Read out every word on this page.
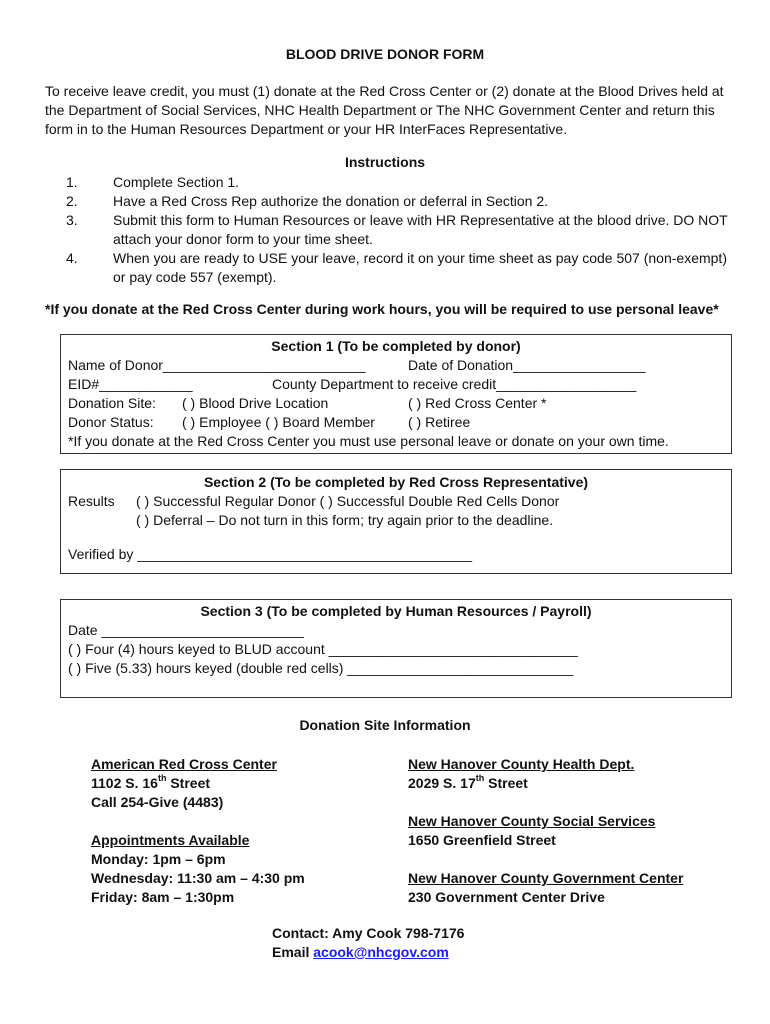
BLOOD DRIVE DONOR FORM
To receive leave credit, you must (1) donate at the Red Cross Center or (2) donate at the Blood Drives held at
the Department of Social Services, NHC Health Department or The NHC Government Center and return this
form in to the Human Resources Department or your HR InterFaces Representative.
Instructions
1.	Complete Section 1.
2.	Have a Red Cross Rep authorize the donation or deferral in Section 2.
3.	Submit this form to Human Resources or leave with HR Representative at the blood drive. DO NOT
attach your donor form to your time sheet.
4.	When you are ready to USE your leave, record it on your time sheet as pay code 507 (non-exempt)
or pay code 557 (exempt).
*If you donate at the Red Cross Center during work hours, you will be required to use personal leave*
Section 1 (To be completed by donor)
Name of Donor__________________________	Date of Donation_________________
EID#____________	County Department to receive credit__________________
Donation Site: ( ) Blood Drive Location	( ) Red Cross Center *
Donor Status: ( ) Employee ( ) Board Member ( ) Retiree
*If you donate at the Red Cross Center you must use personal leave or donate on your own time.
Section 2 (To be completed by Red Cross Representative)
Results ( ) Successful Regular Donor ( ) Successful Double Red Cells Donor
( ) Deferral – Do not turn in this form; try again prior to the deadline.
Verified by ___________________________________________
Section 3 (To be completed by Human Resources / Payroll)
Date __________________________
( ) Four (4) hours keyed to BLUD account ________________________________
( ) Five (5.33) hours keyed (double red cells) _____________________________
Donation Site Information
American Red Cross Center
1102 S. 16th Street
Call 254-Give (4483)
Appointments Available
Monday: 1pm – 6pm
Wednesday: 11:30 am – 4:30 pm
Friday: 8am – 1:30pm
New Hanover County Health Dept.
2029 S. 17th Street
New Hanover County Social Services
1650 Greenfield Street
New Hanover County Government Center
230 Government Center Drive
Contact: Amy Cook 798-7176
Email acook@nhcgov.com
